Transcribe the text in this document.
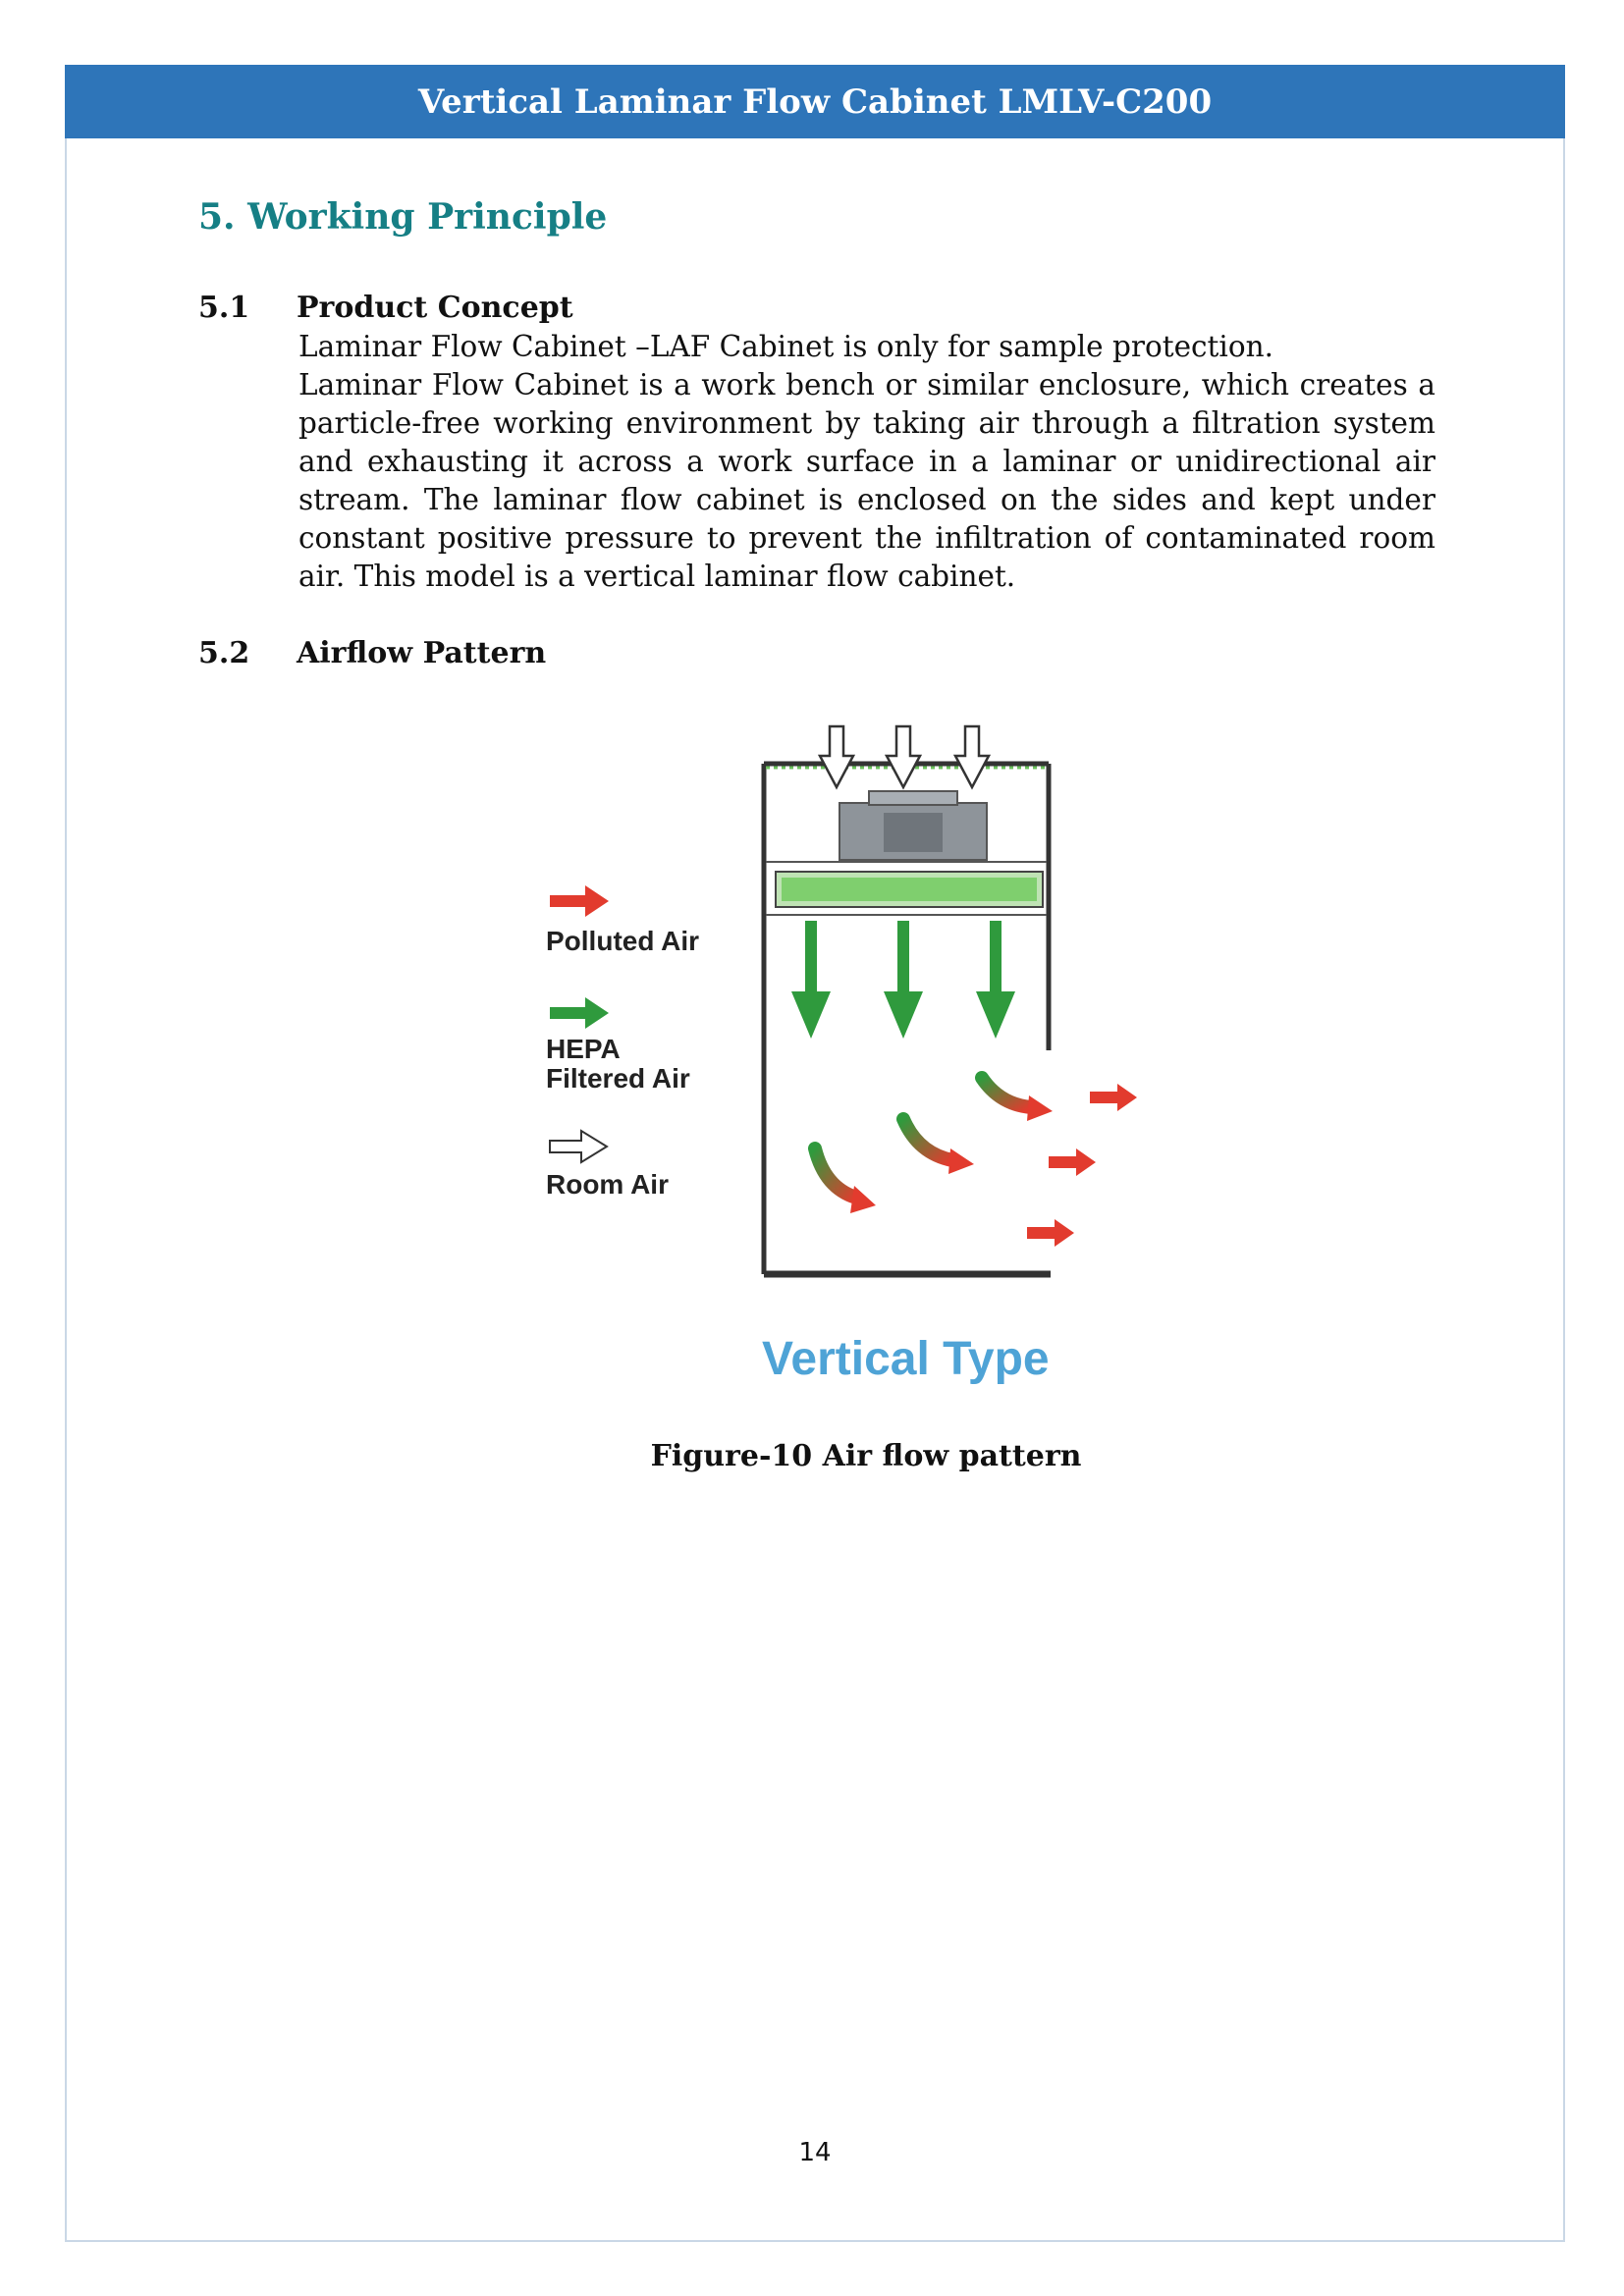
Vertical Laminar Flow Cabinet LMLV-C200
5. Working Principle
5.1 Product Concept
Laminar Flow Cabinet –LAF Cabinet is only for sample protection.
Laminar Flow Cabinet is a work bench or similar enclosure, which creates a particle-free working environment by taking air through a filtration system and exhausting it across a work surface in a laminar or unidirectional air stream. The laminar flow cabinet is enclosed on the sides and kept under constant positive pressure to prevent the infiltration of contaminated room air. This model is a vertical laminar flow cabinet.
5.2 Airflow Pattern
Polluted Air
HEPA
Filtered Air
Room Air
Vertical Type
Figure-10 Air flow pattern
14
